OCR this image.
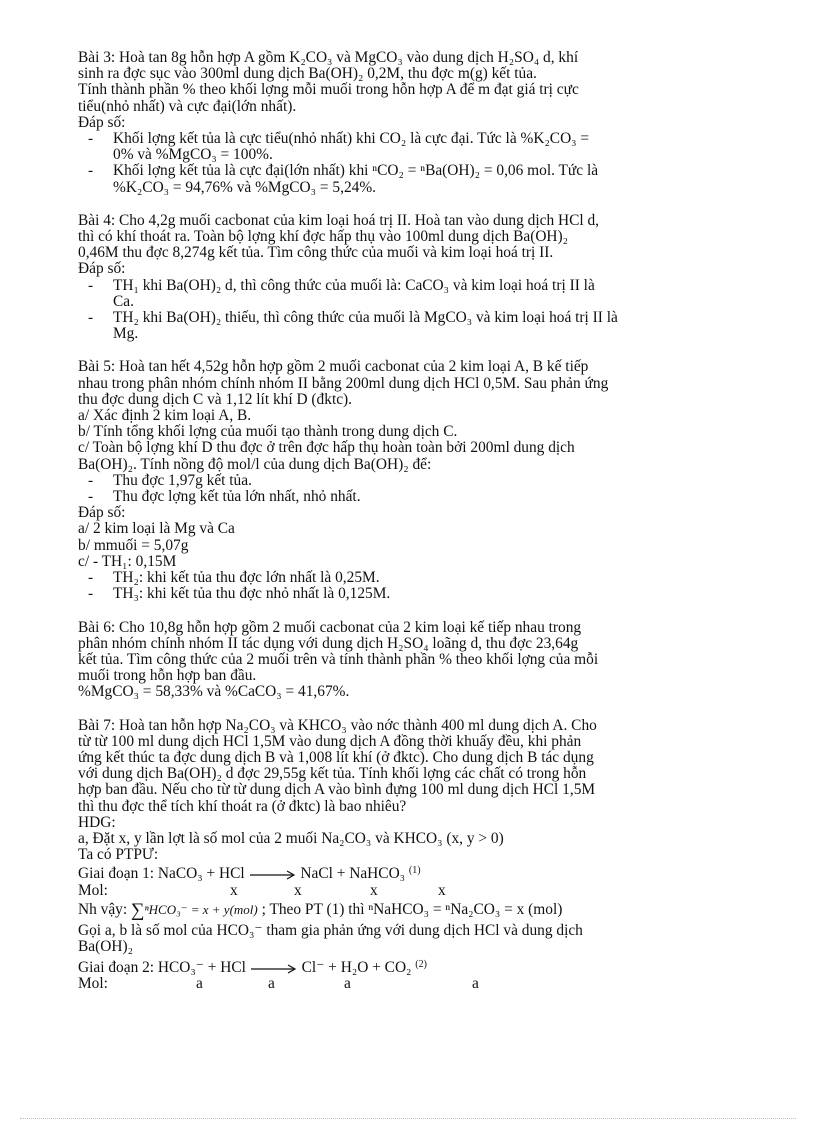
Bài 3: Hoà tan 8g hỗn hợp A gồm K₂CO₃ và MgCO₃ vào dung dịch H₂SO₄ d, khí

sinh ra đợc sục vào 300ml dung dịch Ba(OH)₂ 0,2M, thu đợc m(g) kết tủa.

Tính thành phần % theo khối lợng mỗi muối trong hỗn hợp A để m đạt giá trị cực

tiểu(nhỏ nhất) và cực đại(lớn nhất).

Đáp số:

- Khối lợng kết tủa là cực tiểu(nhỏ nhất) khi CO₂ là cực đại. Tức là %K₂CO₃ =
0% và %MgCO₃ = 100%.
- Khối lợng kết tủa là cực đại(lớn nhất) khi ⁿCO₂ = ⁿBa(OH)₂ = 0,06 mol. Tức là
%K₂CO₃ = 94,76% và %MgCO₃ = 5,24%.

Bài 4: Cho 4,2g muối cacbonat của kim loại hoá trị II. Hoà tan vào dung dịch HCl d,

thì có khí thoát ra. Toàn bộ lợng khí đợc hấp thụ vào 100ml dung dịch Ba(OH)₂

0,46M thu đợc 8,274g kết tủa. Tìm công thức của muối và kim loại hoá trị II.

Đáp số:

- TH₁ khi Ba(OH)₂ d, thì công thức của muối là: CaCO₃ và kim loại hoá trị II là
Ca.
- TH₂ khi Ba(OH)₂ thiếu, thì công thức của muối là MgCO₃ và kim loại hoá trị II là
Mg.

Bài 5: Hoà tan hết 4,52g hỗn hợp gồm 2 muối cacbonat của 2 kim loại A, B kế tiếp

nhau trong phân nhóm chính nhóm II bằng 200ml dung dịch HCl 0,5M. Sau phản ứng

thu đợc dung dịch C và 1,12 lít khí D (đktc).

a/ Xác định 2 kim loại A, B.

b/ Tính tổng khối lợng của muối tạo thành trong dung dịch C.

c/ Toàn bộ lợng khí D thu đợc ở trên đợc hấp thụ hoàn toàn bởi 200ml dung dịch

Ba(OH)₂. Tính nồng độ mol/l của dung dịch Ba(OH)₂ để:

- Thu đợc 1,97g kết tủa.
- Thu đợc lợng kết tủa lớn nhất, nhỏ nhất.

Đáp số:

a/ 2 kim loại là Mg và Ca

b/ mmuối = 5,07g

c/ - TH₁: 0,15M

- TH₂: khi kết tủa thu đợc lớn nhất là 0,25M.
- TH₃: khi kết tủa thu đợc nhỏ nhất là 0,125M.

Bài 6: Cho 10,8g hỗn hợp gồm 2 muối cacbonat của 2 kim loại kế tiếp nhau trong

phân nhóm chính nhóm II tác dụng với dung dịch H₂SO₄ loãng d, thu đợc 23,64g

kết tủa. Tìm công thức của 2 muối trên và tính thành phần % theo khối lợng của mỗi

muối trong hỗn hợp ban đầu.

%MgCO₃ = 58,33% và %CaCO₃ = 41,67%.

Bài 7: Hoà tan hỗn hợp Na₂CO₃ và KHCO₃ vào nớc thành 400 ml dung dịch A. Cho

từ từ 100 ml dung dịch HCl 1,5M vào dung dịch A đồng thời khuấy đều, khi phản

ứng kết thúc ta đợc dung dịch B và 1,008 lít khí (ở đktc). Cho dung dịch B tác dụng

với dung dịch Ba(OH)₂ d đợc 29,55g kết tủa. Tính khối lợng các chất có trong hỗn

hợp ban đầu. Nếu cho từ từ dung dịch A vào bình đựng 100 ml dung dịch HCl 1,5M

thì thu đợc thể tích khí thoát ra (ở đktc) là bao nhiêu?

HDG:

a, Đặt x, y lần lợt là số mol của 2 muối Na₂CO₃ và KHCO₃ (x, y > 0)

Ta có PTPƯ:

Giai đoạn 1: NaCO₃ + HCl → NaCl + NaHCO₃ $^{(1)}$

Mol:	x	x	x	x

Nh vậy: ∑ⁿHCO₃⁻ = x + y(mol) ; Theo PT (1) thì ⁿNaHCO₃ = ⁿNa₂CO₃ = x (mol)

Gọi a, b là số mol của HCO₃⁻ tham gia phản ứng với dung dịch HCl và dung dịch

Ba(OH)₂

Giai đoạn 2: HCO₃⁻ + HCl → Cl⁻ + H₂O + CO₂ $^{(2)}$

Mol:	a	a	a	a
